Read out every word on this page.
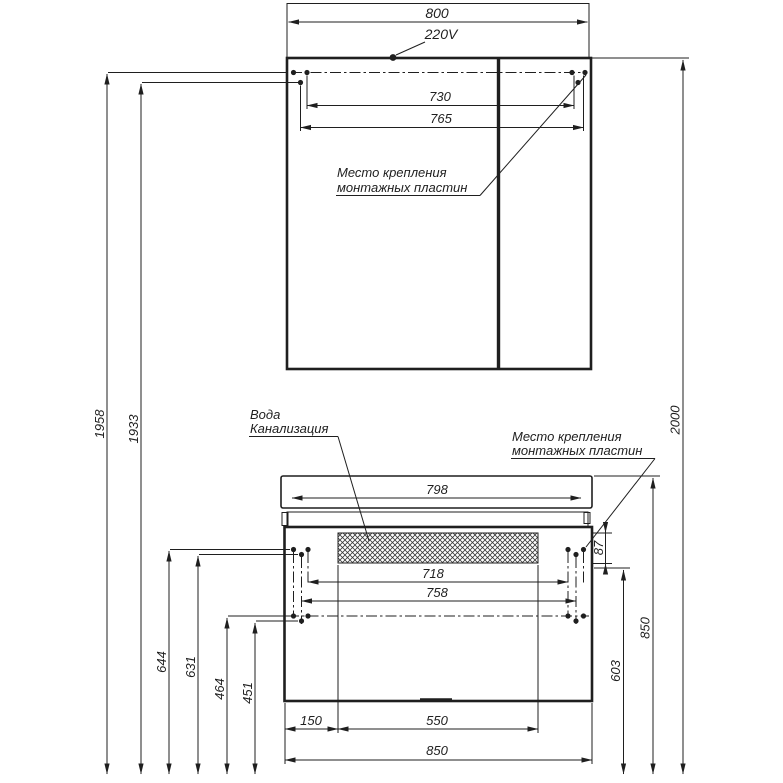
800
730
765
220V
Место крепления
монтажных пластин
798
718
758
87
150	550
850
1958 1933
644 631
464 451
603
850
2000
Вода
Канализация
Место крепления
монтажных пластин
